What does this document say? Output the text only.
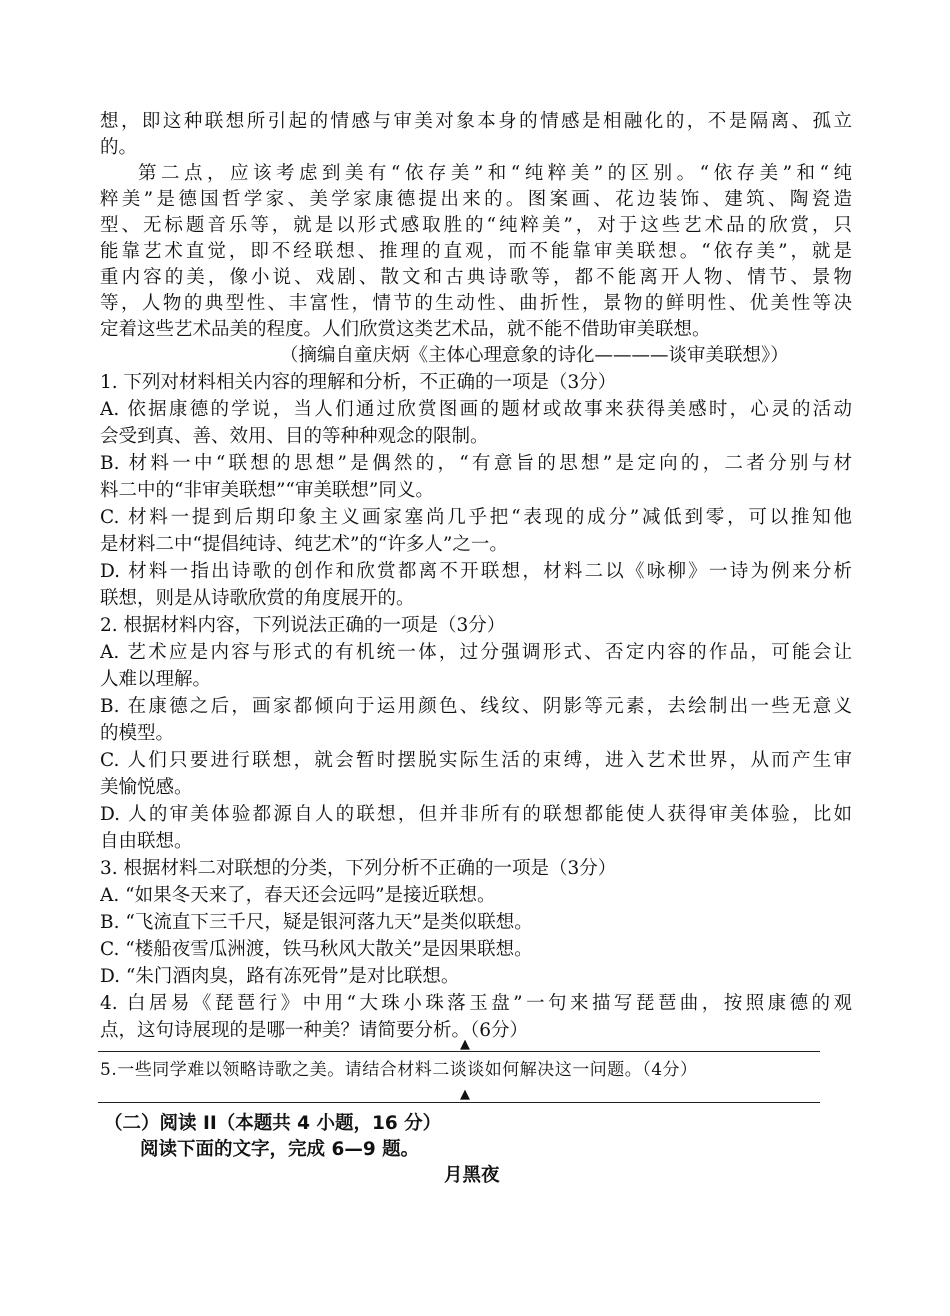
想，即这种联想所引起的情感与审美对象本身的情感是相融化的，不是隔离、孤立
的。
第二点，应该考虑到美有“依存美”和“纯粹美”的区别。“依存美”和“纯
粹美”是德国哲学家、美学家康德提出来的。图案画、花边装饰、建筑、陶瓷造
型、无标题音乐等，就是以形式感取胜的“纯粹美”，对于这些艺术品的欣赏，只
能靠艺术直觉，即不经联想、推理的直观，而不能靠审美联想。“依存美”，就是
重内容的美，像小说、戏剧、散文和古典诗歌等，都不能离开人物、情节、景物
等，人物的典型性、丰富性，情节的生动性、曲折性，景物的鲜明性、优美性等决
定着这些艺术品美的程度。人们欣赏这类艺术品，就不能不借助审美联想。
（摘编自童庆炳《主体心理意象的诗化————谈审美联想》）
1. 下列对材料相关内容的理解和分析，不正确的一项是（3分）
A. 依据康德的学说，当人们通过欣赏图画的题材或故事来获得美感时，心灵的活动
会受到真、善、效用、目的等种种观念的限制。
B. 材料一中“联想的思想”是偶然的，“有意旨的思想”是定向的，二者分别与材
料二中的“非审美联想”“审美联想”同义。
C. 材料一提到后期印象主义画家塞尚几乎把“表现的成分”减低到零，可以推知他
是材料二中“提倡纯诗、纯艺术”的“许多人”之一。
D. 材料一指出诗歌的创作和欣赏都离不开联想，材料二以《咏柳》一诗为例来分析
联想，则是从诗歌欣赏的角度展开的。
2. 根据材料内容，下列说法正确的一项是（3分）
A. 艺术应是内容与形式的有机统一体，过分强调形式、否定内容的作品，可能会让
人难以理解。
B. 在康德之后，画家都倾向于运用颜色、线纹、阴影等元素，去绘制出一些无意义
的模型。
C. 人们只要进行联想，就会暂时摆脱实际生活的束缚，进入艺术世界，从而产生审
美愉悦感。
D. 人的审美体验都源自人的联想，但并非所有的联想都能使人获得审美体验，比如
自由联想。
3. 根据材料二对联想的分类，下列分析不正确的一项是（3分）
A. “如果冬天来了，春天还会远吗”是接近联想。
B. “飞流直下三千尺，疑是银河落九天”是类似联想。
C. “楼船夜雪瓜洲渡，铁马秋风大散关”是因果联想。
D. “朱门酒肉臭，路有冻死骨”是对比联想。
4. 白居易《琵琶行》中用“大珠小珠落玉盘”一句来描写琵琶曲，按照康德的观
点，这句诗展现的是哪一种美？请简要分析。（6分）
▲
5.一些同学难以领略诗歌之美。请结合材料二谈谈如何解决这一问题。（4分）
▲
（二）阅读 II（本题共 4 小题，16 分）
阅读下面的文字，完成 6—9 题。
月黑夜
